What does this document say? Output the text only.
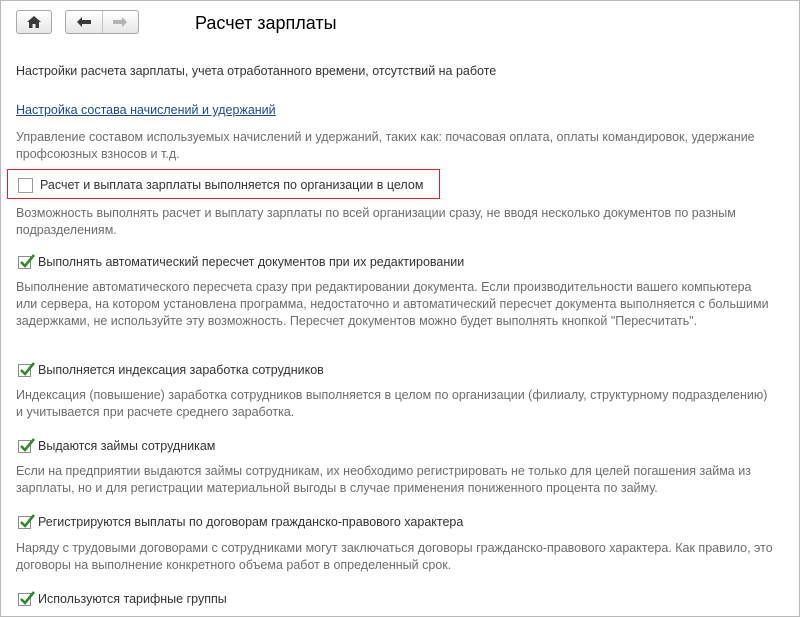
Расчет зарплаты
Настройки расчета зарплаты, учета отработанного времени, отсутствий на работе
Настройка состава начислений и удержаний
Управление составом используемых начислений и удержаний, таких как: почасовая оплата, оплаты командировок, удержание профсоюзных взносов и т.д.
Расчет и выплата зарплаты выполняется по организации в целом
Возможность выполнять расчет и выплату зарплаты по всей организации сразу, не вводя несколько документов по разным подразделениям.
Выполнять автоматический пересчет документов при их редактировании
Выполнение автоматического пересчета сразу при редактировании документа. Если производительности вашего компьютера или сервера, на котором установлена программа, недостаточно и автоматический пересчет документа выполняется с большими задержками, не используйте эту возможность. Пересчет документов можно будет выполнять кнопкой "Пересчитать".
Выполняется индексация заработка сотрудников
Индексация (повышение) заработка сотрудников выполняется в целом по организации (филиалу, структурному подразделению) и учитывается при расчете среднего заработка.
Выдаются займы сотрудникам
Если на предприятии выдаются займы сотрудникам, их необходимо регистрировать не только для целей погашения займа из зарплаты, но и для регистрации материальной выгоды в случае применения пониженного процента по займу.
Регистрируются выплаты по договорам гражданско-правового характера
Наряду с трудовыми договорами с сотрудниками могут заключаться договоры гражданско-правового характера. Как правило, это договоры на выполнение конкретного объема работ в определенный срок.
Используются тарифные группы
